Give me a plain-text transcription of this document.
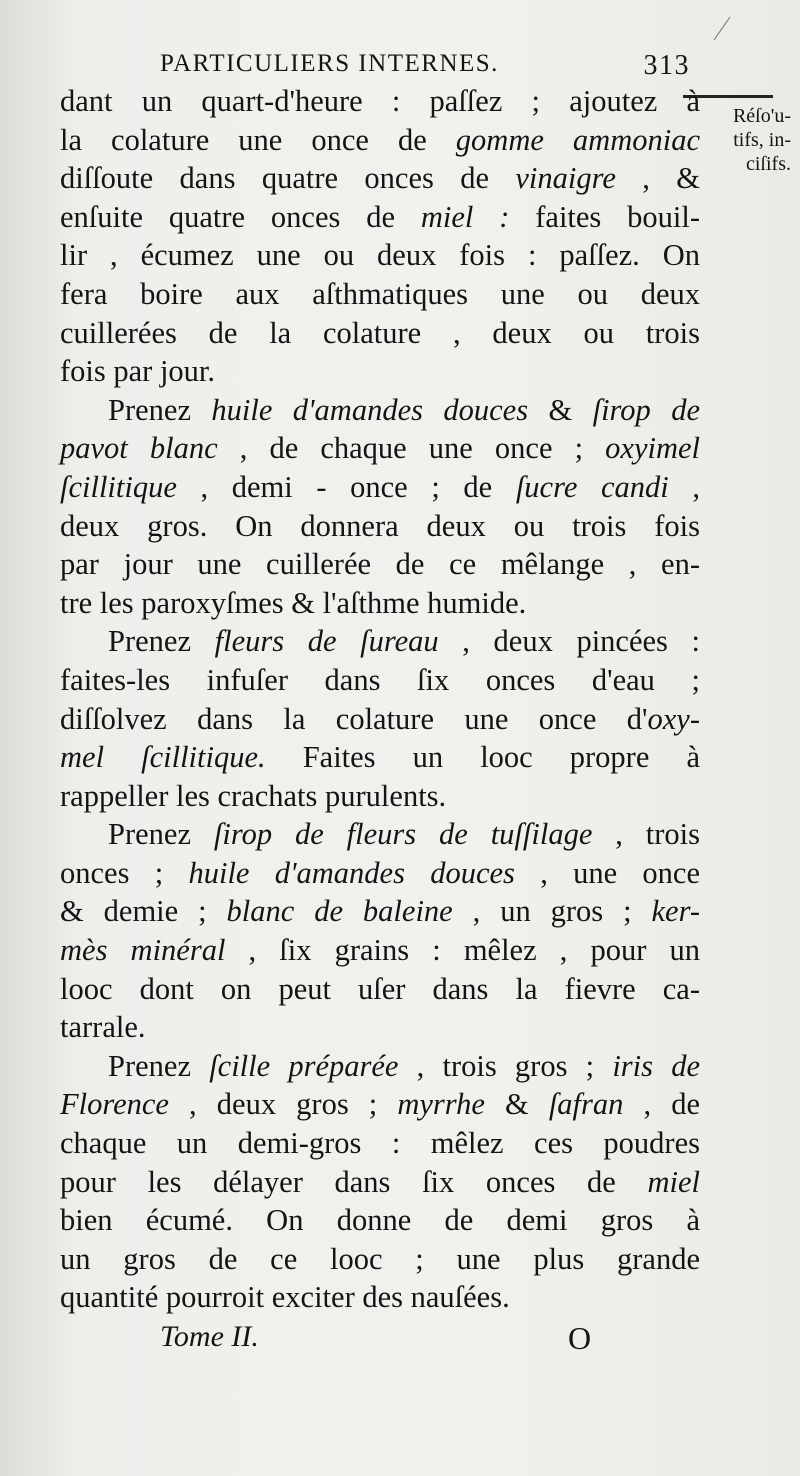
PARTICULIERS INTERNES.	313
Réſo'u-
tifs, in-
ciſifs.
dant un quart-d'heure : paſſez ; ajoutez à
la colature une once de gomme ammoniac
diſſoute dans quatre onces de vinaigre , &
enſuite quatre onces de miel : faites bouil-
lir , écumez une ou deux fois : paſſez. On
fera boire aux aſthmatiques une ou deux
cuillerées de la colature , deux ou trois
fois par jour.
Prenez huile d'amandes douces & ſirop de
pavot blanc , de chaque une once ; oxyimel
ſcillitique , demi - once ; de ſucre candi ,
deux gros. On donnera deux ou trois fois
par jour une cuillerée de ce mêlange , en-
tre les paroxyſmes & l'aſthme humide.
Prenez fleurs de ſureau , deux pincées :
faites-les infuſer dans ſix onces d'eau ;
diſſolvez dans la colature une once d'oxy-
mel ſcillitique. Faites un looc propre à
rappeller les crachats purulents.
Prenez ſirop de fleurs de tuſſilage , trois
onces ; huile d'amandes douces , une once
& demie ; blanc de baleine , un gros ; ker-
mès minéral , ſix grains : mêlez , pour un
looc dont on peut uſer dans la fievre ca-
tarrale.
Prenez ſcille préparée , trois gros ; iris de
Florence , deux gros ; myrrhe & ſafran , de
chaque un demi-gros : mêlez ces poudres
pour les délayer dans ſix onces de miel
bien écumé. On donne de demi gros à
un gros de ce looc ; une plus grande
quantité pourroit exciter des nauſées.
Tome II.	O
